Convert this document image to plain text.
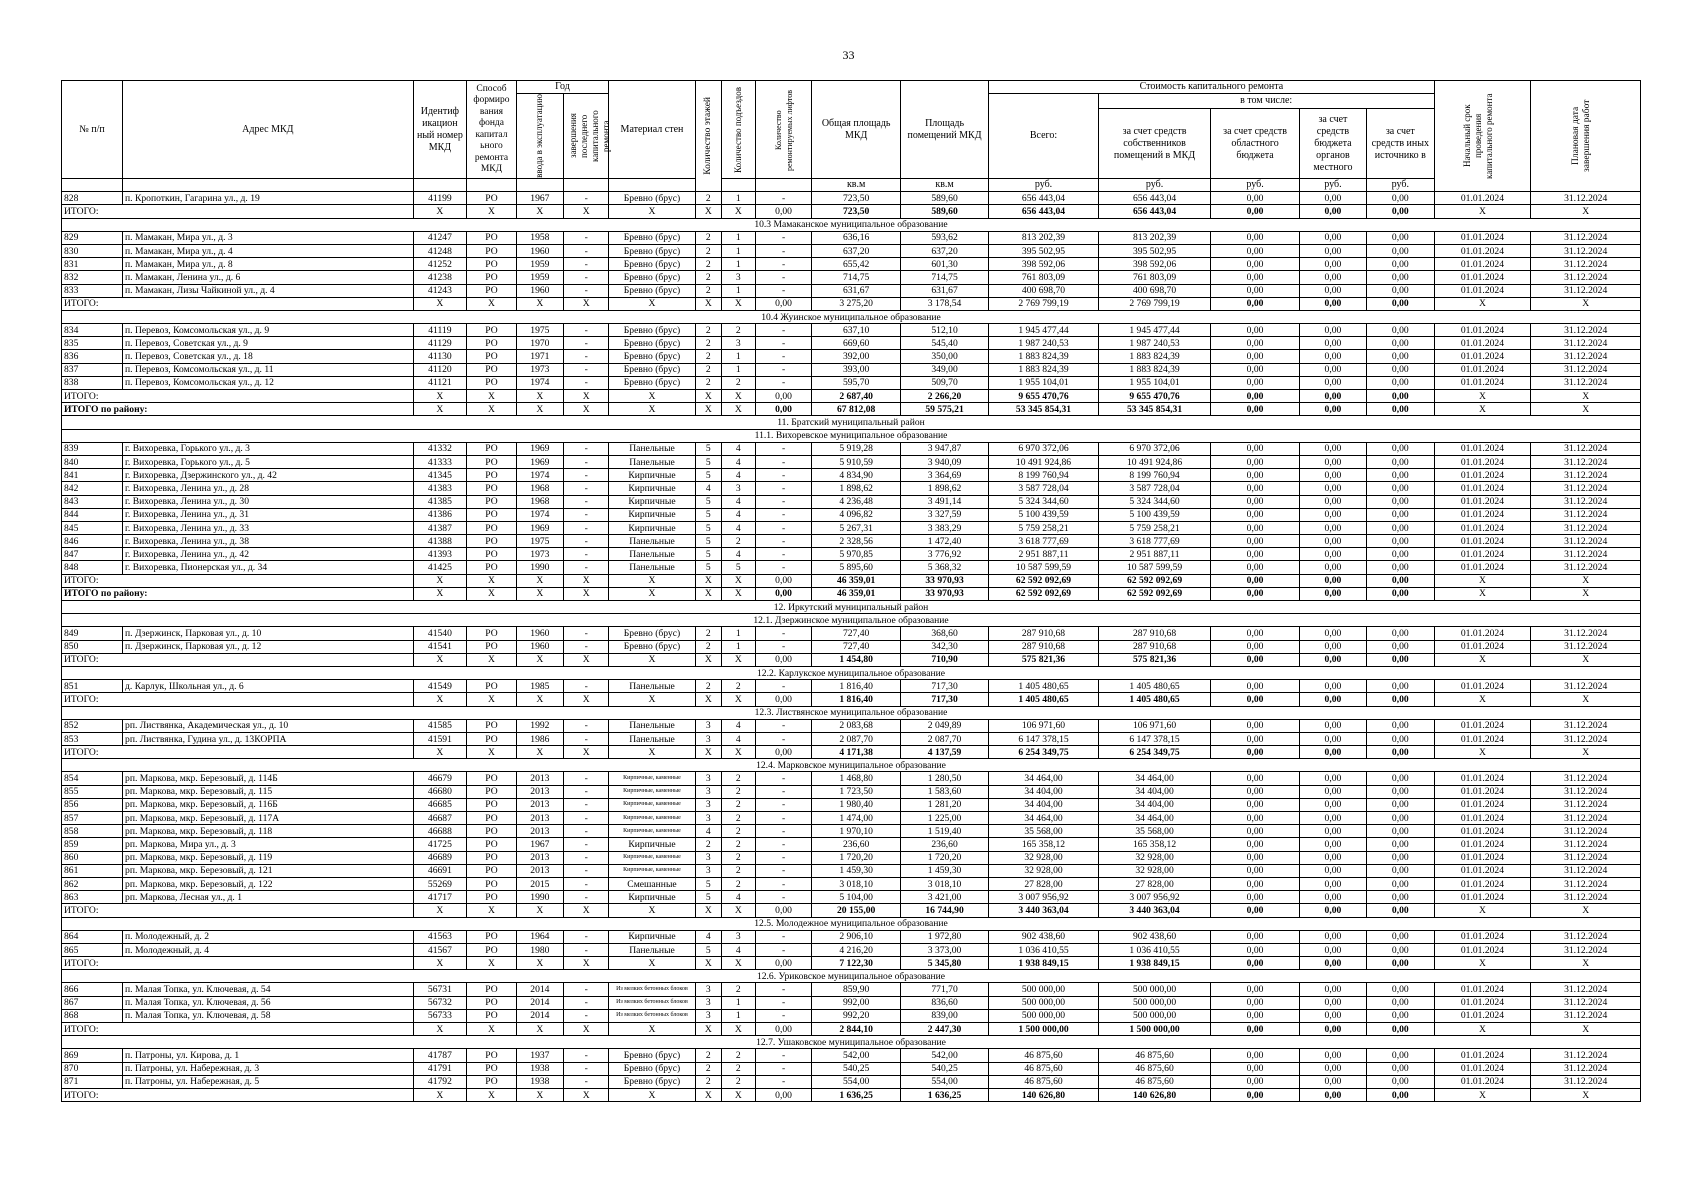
33
№ п/п	Адрес МКД	Идентиф икацион ный номер МКД	Способ формиро вания фонда капитал ьного ремонта МКД	Год		Материал стен	Количество этажей	Количество подъездов	Количество ремонтируемых лифтов	Общая площадь МКД	Площадь помещений МКД	Стоимость капитального ремонта					Начальный срок проведения капитального ремонта	Плановая дата завершения работ

				ввода в эксплуатацию	завершения последнего капитального ремонта							Всего:	в том числе:					
													за счет средств собственников помещений в МКД	за счет средств областного бюджета	за счет средств бюджета органов местного	за счет средств иных источнико в		
										кв.м	кв.м	руб.	руб.	руб.	руб.	руб.		
828	п. Кропоткин, Гагарина ул., д. 19	41199	РО	1967	-	Бревно (брус)	2	1	-	723,50	589,60	656 443,04	656 443,04	0,00	0,00	0,00	01.01.2024	31.12.2024
ИТОГО:		X	X	X	X	X	X	X	0,00	723,50	589,60	656 443,04	656 443,04	0,00	0,00	0,00	X	X
10.3 Мамаканское муниципальное образование																		
829	п. Мамакан, Мира ул., д. 3	41247	РО	1958	-	Бревно (брус)	2	1	-	636,16	593,62	813 202,39	813 202,39	0,00	0,00	0,00	01.01.2024	31.12.2024
830	п. Мамакан, Мира ул., д. 4	41248	РО	1960	-	Бревно (брус)	2	1	-	637,20	637,20	395 502,95	395 502,95	0,00	0,00	0,00	01.01.2024	31.12.2024
831	п. Мамакан, Мира ул., д. 8	41252	РО	1959	-	Бревно (брус)	2	1	-	655,42	601,30	398 592,06	398 592,06	0,00	0,00	0,00	01.01.2024	31.12.2024
832	п. Мамакан, Ленина ул., д. 6	41238	РО	1959	-	Бревно (брус)	2	3	-	714,75	714,75	761 803,09	761 803,09	0,00	0,00	0,00	01.01.2024	31.12.2024
833	п. Мамакан, Лизы Чайкиной ул., д. 4	41243	РО	1960	-	Бревно (брус)	2	1	-	631,67	631,67	400 698,70	400 698,70	0,00	0,00	0,00	01.01.2024	31.12.2024
ИТОГО:		X	X	X	X	X	X	X	0,00	3 275,20	3 178,54	2 769 799,19	2 769 799,19	0,00	0,00	0,00	X	X
10.4 Жуинское муниципальное образование																		
834	п. Перевоз, Комсомольская ул., д. 9	41119	РО	1975	-	Бревно (брус)	2	2	-	637,10	512,10	1 945 477,44	1 945 477,44	0,00	0,00	0,00	01.01.2024	31.12.2024
835	п. Перевоз, Советская ул., д. 9	41129	РО	1970	-	Бревно (брус)	2	3	-	669,60	545,40	1 987 240,53	1 987 240,53	0,00	0,00	0,00	01.01.2024	31.12.2024
836	п. Перевоз, Советская ул., д. 18	41130	РО	1971	-	Бревно (брус)	2	1	-	392,00	350,00	1 883 824,39	1 883 824,39	0,00	0,00	0,00	01.01.2024	31.12.2024
837	п. Перевоз, Комсомольская ул., д. 11	41120	РО	1973	-	Бревно (брус)	2	1	-	393,00	349,00	1 883 824,39	1 883 824,39	0,00	0,00	0,00	01.01.2024	31.12.2024
838	п. Перевоз, Комсомольская ул., д. 12	41121	РО	1974	-	Бревно (брус)	2	2	-	595,70	509,70	1 955 104,01	1 955 104,01	0,00	0,00	0,00	01.01.2024	31.12.2024
ИТОГО:		X	X	X	X	X	X	X	0,00	2 687,40	2 266,20	9 655 470,76	9 655 470,76	0,00	0,00	0,00	X	X
ИТОГО по району:		X	X	X	X	X	X	X	0,00	67 812,08	59 575,21	53 345 854,31	53 345 854,31	0,00	0,00	0,00	X	X
11. Братский муниципальный район																		
11.1. Вихоревское муниципальное образование																		
839	г. Вихоревка, Горького ул., д. 3	41332	РО	1969	-	Панельные	5	4	-	5 919,28	3 947,87	6 970 372,06	6 970 372,06	0,00	0,00	0,00	01.01.2024	31.12.2024
840	г. Вихоревка, Горького ул., д. 5	41333	РО	1969	-	Панельные	5	4	-	5 910,59	3 940,09	10 491 924,86	10 491 924,86	0,00	0,00	0,00	01.01.2024	31.12.2024
841	г. Вихоревка, Дзержинского ул., д. 42	41345	РО	1974	-	Кирпичные	5	4	-	4 834,90	3 364,69	8 199 760,94	8 199 760,94	0,00	0,00	0,00	01.01.2024	31.12.2024
842	г. Вихоревка, Ленина ул., д. 28	41383	РО	1968	-	Кирпичные	4	3	-	1 898,62	1 898,62	3 587 728,04	3 587 728,04	0,00	0,00	0,00	01.01.2024	31.12.2024
843	г. Вихоревка, Ленина ул., д. 30	41385	РО	1968	-	Кирпичные	5	4	-	4 236,48	3 491,14	5 324 344,60	5 324 344,60	0,00	0,00	0,00	01.01.2024	31.12.2024
844	г. Вихоревка, Ленина ул., д. 31	41386	РО	1974	-	Кирпичные	5	4	-	4 096,82	3 327,59	5 100 439,59	5 100 439,59	0,00	0,00	0,00	01.01.2024	31.12.2024
845	г. Вихоревка, Ленина ул., д. 33	41387	РО	1969	-	Кирпичные	5	4	-	5 267,31	3 383,29	5 759 258,21	5 759 258,21	0,00	0,00	0,00	01.01.2024	31.12.2024
846	г. Вихоревка, Ленина ул., д. 38	41388	РО	1975	-	Панельные	5	2	-	2 328,56	1 472,40	3 618 777,69	3 618 777,69	0,00	0,00	0,00	01.01.2024	31.12.2024
847	г. Вихоревка, Ленина ул., д. 42	41393	РО	1973	-	Панельные	5	4	-	5 970,85	3 776,92	2 951 887,11	2 951 887,11	0,00	0,00	0,00	01.01.2024	31.12.2024
848	г. Вихоревка, Пионерская ул., д. 34	41425	РО	1990	-	Панельные	5	5	-	5 895,60	5 368,32	10 587 599,59	10 587 599,59	0,00	0,00	0,00	01.01.2024	31.12.2024
ИТОГО:		X	X	X	X	X	X	X	0,00	46 359,01	33 970,93	62 592 092,69	62 592 092,69	0,00	0,00	0,00	X	X
ИТОГО по району:		X	X	X	X	X	X	X	0,00	46 359,01	33 970,93	62 592 092,69	62 592 092,69	0,00	0,00	0,00	X	X
12. Иркутский муниципальный район																		
12.1. Дзержинское муниципальное образование																		
849	п. Дзержинск, Парковая ул., д. 10	41540	РО	1960	-	Бревно (брус)	2	1	-	727,40	368,60	287 910,68	287 910,68	0,00	0,00	0,00	01.01.2024	31.12.2024
850	п. Дзержинск, Парковая ул., д. 12	41541	РО	1960	-	Бревно (брус)	2	1	-	727,40	342,30	287 910,68	287 910,68	0,00	0,00	0,00	01.01.2024	31.12.2024
ИТОГО:		X	X	X	X	X	X	X	0,00	1 454,80	710,90	575 821,36	575 821,36	0,00	0,00	0,00	X	X
12.2. Карлукское муниципальное образование																		
851	д. Карлук, Школьная ул., д. 6	41549	РО	1985	-	Панельные	2	2	-	1 816,40	717,30	1 405 480,65	1 405 480,65	0,00	0,00	0,00	01.01.2024	31.12.2024
ИТОГО:		X	X	X	X	X	X	X	0,00	1 816,40	717,30	1 405 480,65	1 405 480,65	0,00	0,00	0,00	X	X
12.3. Листвянское муниципальное образование																		
852	рп. Листвянка, Академическая ул., д. 10	41585	РО	1992	-	Панельные	3	4	-	2 083,68	2 049,89	106 971,60	106 971,60	0,00	0,00	0,00	01.01.2024	31.12.2024
853	рп. Листвянка, Гудина ул., д. 13КОРПА	41591	РО	1986	-	Панельные	3	4	-	2 087,70	2 087,70	6 147 378,15	6 147 378,15	0,00	0,00	0,00	01.01.2024	31.12.2024
ИТОГО:		X	X	X	X	X	X	X	0,00	4 171,38	4 137,59	6 254 349,75	6 254 349,75	0,00	0,00	0,00	X	X
12.4. Марковское муниципальное образование																		
854	рп. Маркова, мкр. Березовый, д. 114Б	46679	РО	2013	-	Кирпичные, каменные	3	2	-	1 468,80	1 280,50	34 464,00	34 464,00	0,00	0,00	0,00	01.01.2024	31.12.2024
855	рп. Маркова, мкр. Березовый, д. 115	46680	РО	2013	-	Кирпичные, каменные	3	2	-	1 723,50	1 583,60	34 404,00	34 404,00	0,00	0,00	0,00	01.01.2024	31.12.2024
856	рп. Маркова, мкр. Березовый, д. 116Б	46685	РО	2013	-	Кирпичные, каменные	3	2	-	1 980,40	1 281,20	34 404,00	34 404,00	0,00	0,00	0,00	01.01.2024	31.12.2024
857	рп. Маркова, мкр. Березовый, д. 117А	46687	РО	2013	-	Кирпичные, каменные	3	2	-	1 474,00	1 225,00	34 464,00	34 464,00	0,00	0,00	0,00	01.01.2024	31.12.2024
858	рп. Маркова, мкр. Березовый, д. 118	46688	РО	2013	-	Кирпичные, каменные	4	2	-	1 970,10	1 519,40	35 568,00	35 568,00	0,00	0,00	0,00	01.01.2024	31.12.2024
859	рп. Маркова, Мира ул., д. 3	41725	РО	1967	-	Кирпичные	2	2	-	236,60	236,60	165 358,12	165 358,12	0,00	0,00	0,00	01.01.2024	31.12.2024
860	рп. Маркова, мкр. Березовый, д. 119	46689	РО	2013	-	Кирпичные, каменные	3	2	-	1 720,20	1 720,20	32 928,00	32 928,00	0,00	0,00	0,00	01.01.2024	31.12.2024
861	рп. Маркова, мкр. Березовый, д. 121	46691	РО	2013	-	Кирпичные, каменные	3	2	-	1 459,30	1 459,30	32 928,00	32 928,00	0,00	0,00	0,00	01.01.2024	31.12.2024
862	рп. Маркова, мкр. Березовый, д. 122	55269	РО	2015	-	Смешанные	5	2	-	3 018,10	3 018,10	27 828,00	27 828,00	0,00	0,00	0,00	01.01.2024	31.12.2024
863	рп. Маркова, Лесная ул., д. 1	41717	РО	1990	-	Кирпичные	5	4	-	5 104,00	3 421,00	3 007 956,92	3 007 956,92	0,00	0,00	0,00	01.01.2024	31.12.2024
ИТОГО:		X	X	X	X	X	X	X	0,00	20 155,00	16 744,90	3 440 363,04	3 440 363,04	0,00	0,00	0,00	X	X
12.5. Молодежное муниципальное образование																		
864	п. Молодежный, д. 2	41563	РО	1964	-	Кирпичные	4	3	-	2 906,10	1 972,80	902 438,60	902 438,60	0,00	0,00	0,00	01.01.2024	31.12.2024
865	п. Молодежный, д. 4	41567	РО	1980	-	Панельные	5	4	-	4 216,20	3 373,00	1 036 410,55	1 036 410,55	0,00	0,00	0,00	01.01.2024	31.12.2024
ИТОГО:		X	X	X	X	X	X	X	0,00	7 122,30	5 345,80	1 938 849,15	1 938 849,15	0,00	0,00	0,00	X	X
12.6. Уриковское муниципальное образование																		
866	п. Малая Топка, ул. Ключевая, д. 54	56731	РО	2014	-	Из мелких бетонных блоков	3	2	-	859,90	771,70	500 000,00	500 000,00	0,00	0,00	0,00	01.01.2024	31.12.2024
867	п. Малая Топка, ул. Ключевая, д. 56	56732	РО	2014	-	Из мелких бетонных блоков	3	1	-	992,00	836,60	500 000,00	500 000,00	0,00	0,00	0,00	01.01.2024	31.12.2024
868	п. Малая Топка, ул. Ключевая, д. 58	56733	РО	2014	-	Из мелких бетонных блоков	3	1	-	992,20	839,00	500 000,00	500 000,00	0,00	0,00	0,00	01.01.2024	31.12.2024
ИТОГО:		X	X	X	X	X	X	X	0,00	2 844,10	2 447,30	1 500 000,00	1 500 000,00	0,00	0,00	0,00	X	X
12.7. Ушаковское муниципальное образование																		
869	п. Патроны, ул. Кирова, д. 1	41787	РО	1937	-	Бревно (брус)	2	2	-	542,00	542,00	46 875,60	46 875,60	0,00	0,00	0,00	01.01.2024	31.12.2024
870	п. Патроны, ул. Набережная, д. 3	41791	РО	1938	-	Бревно (брус)	2	2	-	540,25	540,25	46 875,60	46 875,60	0,00	0,00	0,00	01.01.2024	31.12.2024
871	п. Патроны, ул. Набережная, д. 5	41792	РО	1938	-	Бревно (брус)	2	2	-	554,00	554,00	46 875,60	46 875,60	0,00	0,00	0,00	01.01.2024	31.12.2024
ИТОГО:		X	X	X	X	X	X	X	0,00	1 636,25	1 636,25	140 626,80	140 626,80	0,00	0,00	0,00	X	X
